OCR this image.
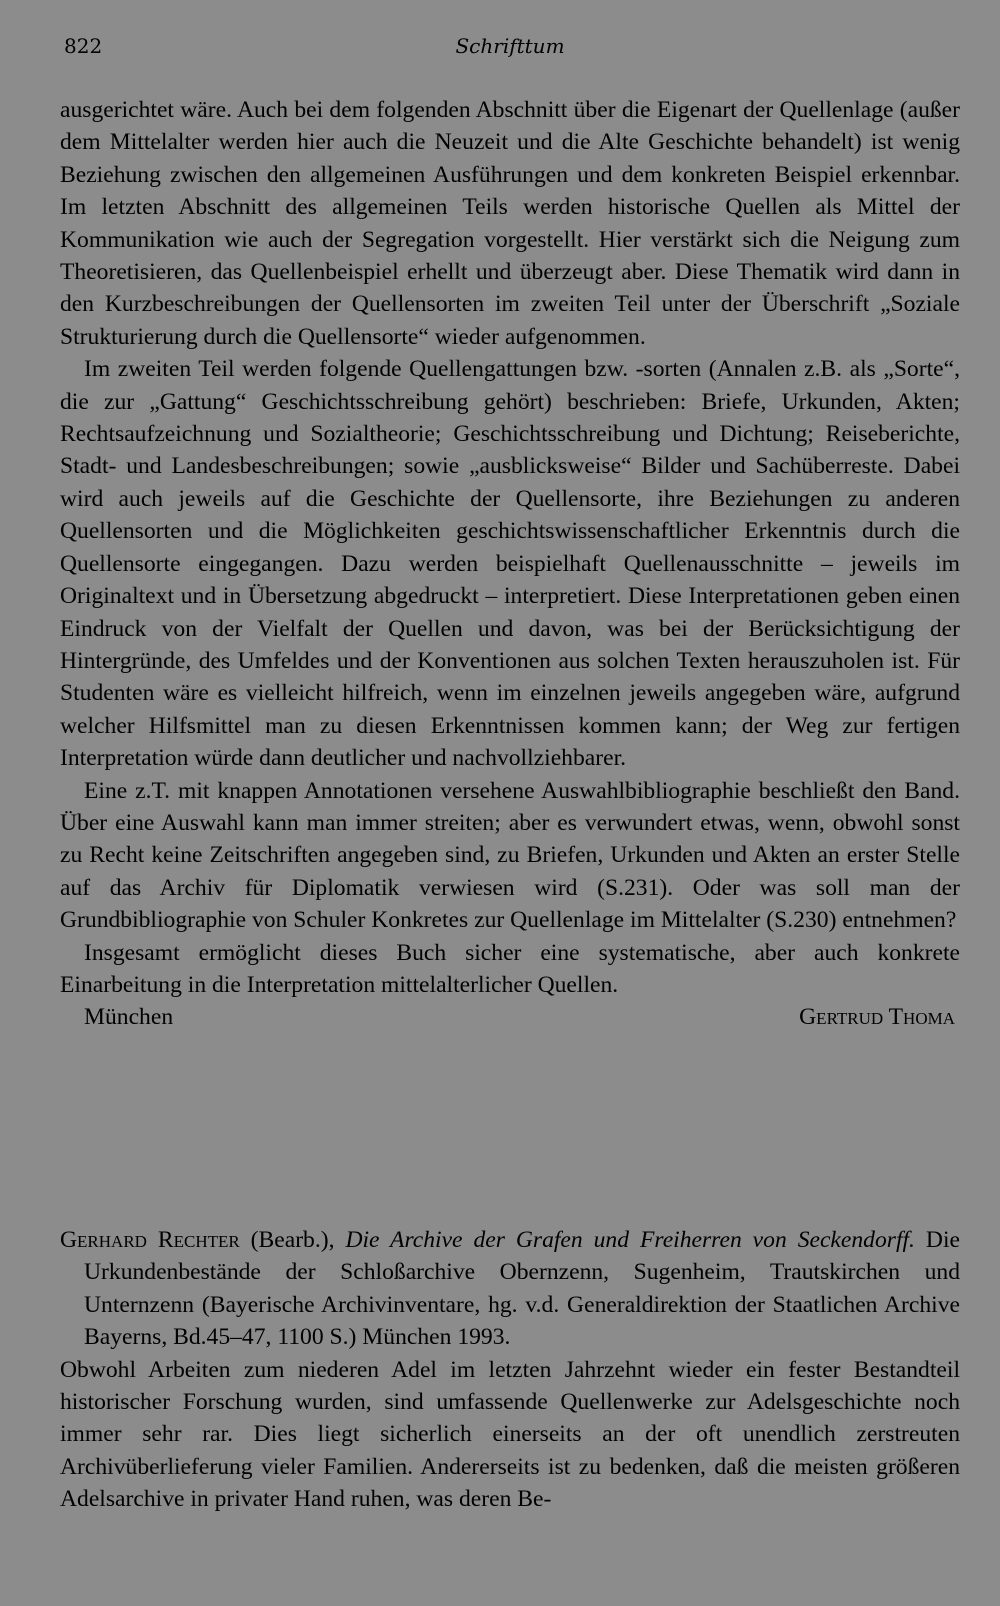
822	Schrifttum

ausgerichtet wäre. Auch bei dem folgenden Abschnitt über die Eigenart der Quellenlage (außer dem Mittelalter werden hier auch die Neuzeit und die Alte Geschichte behandelt) ist wenig Beziehung zwischen den allgemeinen Ausführungen und dem konkreten Beispiel erkennbar. Im letzten Abschnitt des allgemeinen Teils werden historische Quellen als Mittel der Kommunikation wie auch der Segregation vorgestellt. Hier verstärkt sich die Neigung zum Theoretisieren, das Quellenbeispiel erhellt und überzeugt aber. Diese Thematik wird dann in den Kurzbeschreibungen der Quellensorten im zweiten Teil unter der Überschrift „Soziale Strukturierung durch die Quellensorte“ wieder aufgenommen.

Im zweiten Teil werden folgende Quellengattungen bzw. -sorten (Annalen z.B. als „Sorte“, die zur „Gattung“ Geschichtsschreibung gehört) beschrieben: Briefe, Urkunden, Akten; Rechtsaufzeichnung und Sozialtheorie; Geschichtsschreibung und Dichtung; Reiseberichte, Stadt- und Landesbeschreibungen; sowie „ausblicksweise“ Bilder und Sachüberreste. Dabei wird auch jeweils auf die Geschichte der Quellensorte, ihre Beziehungen zu anderen Quellensorten und die Möglichkeiten geschichtswissenschaftlicher Erkenntnis durch die Quellensorte eingegangen. Dazu werden beispielhaft Quellenausschnitte – jeweils im Originaltext und in Übersetzung abgedruckt – interpretiert. Diese Interpretationen geben einen Eindruck von der Vielfalt der Quellen und davon, was bei der Berücksichtigung der Hintergründe, des Umfeldes und der Konventionen aus solchen Texten herauszuholen ist. Für Studenten wäre es vielleicht hilfreich, wenn im einzelnen jeweils angegeben wäre, aufgrund welcher Hilfsmittel man zu diesen Erkenntnissen kommen kann; der Weg zur fertigen Interpretation würde dann deutlicher und nachvollziehbarer.

Eine z.T. mit knappen Annotationen versehene Auswahlbibliographie beschließt den Band. Über eine Auswahl kann man immer streiten; aber es verwundert etwas, wenn, obwohl sonst zu Recht keine Zeitschriften angegeben sind, zu Briefen, Urkunden und Akten an erster Stelle auf das Archiv für Diplomatik verwiesen wird (S.231). Oder was soll man der Grundbibliographie von Schuler Konkretes zur Quellenlage im Mittelalter (S.230) entnehmen?

Insgesamt ermöglicht dieses Buch sicher eine systematische, aber auch konkrete Einarbeitung in die Interpretation mittelalterlicher Quellen.

München	Gertrud Thoma

Gerhard Rechter (Bearb.), Die Archive der Grafen und Freiherren von Seckendorff. Die Urkundenbestände der Schloßarchive Obernzenn, Sugenheim, Trautskirchen und Unternzenn (Bayerische Archivinventare, hg. v.d. Generaldirektion der Staatlichen Archive Bayerns, Bd.45–47, 1100 S.) München 1993.

Obwohl Arbeiten zum niederen Adel im letzten Jahrzehnt wieder ein fester Bestandteil historischer Forschung wurden, sind umfassende Quellenwerke zur Adelsgeschichte noch immer sehr rar. Dies liegt sicherlich einerseits an der oft unendlich zerstreuten Archivüberlieferung vieler Familien. Andererseits ist zu bedenken, daß die meisten größeren Adelsarchive in privater Hand ruhen, was deren Be-
